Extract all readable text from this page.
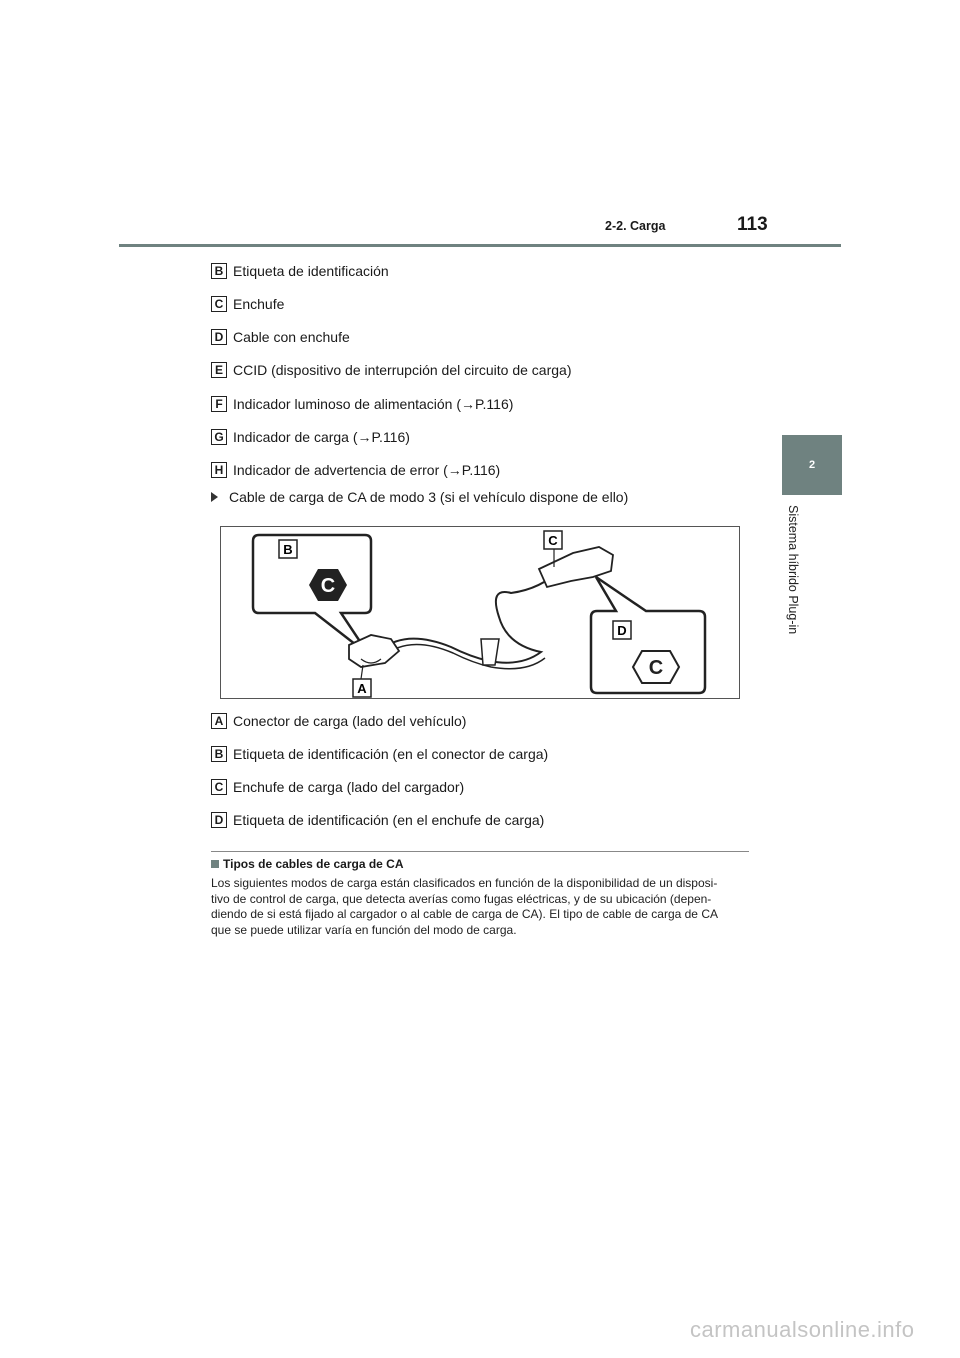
2-2. Carga	113
2
Sistema híbrido Plug-in
B Etiqueta de identificación
C Enchufe
D Cable con enchufe
E CCID (dispositivo de interrupción del circuito de carga)
F Indicador luminoso de alimentación (→P.116)
G Indicador de carga (→P.116)
H Indicador de advertencia de error (→P.116)
Cable de carga de CA de modo 3 (si el vehículo dispone de ello)
B
C
C
D
C
A
A Conector de carga (lado del vehículo)
B Etiqueta de identificación (en el conector de carga)
C Enchufe de carga (lado del cargador)
D Etiqueta de identificación (en el enchufe de carga)
Tipos de cables de carga de CA
Los siguientes modos de carga están clasificados en función de la disponibilidad de un disposi-
tivo de control de carga, que detecta averías como fugas eléctricas, y de su ubicación (depen-
diendo de si está fijado al cargador o al cable de carga de CA). El tipo de cable de carga de CA
que se puede utilizar varía en función del modo de carga.
carmanualsonline.info
